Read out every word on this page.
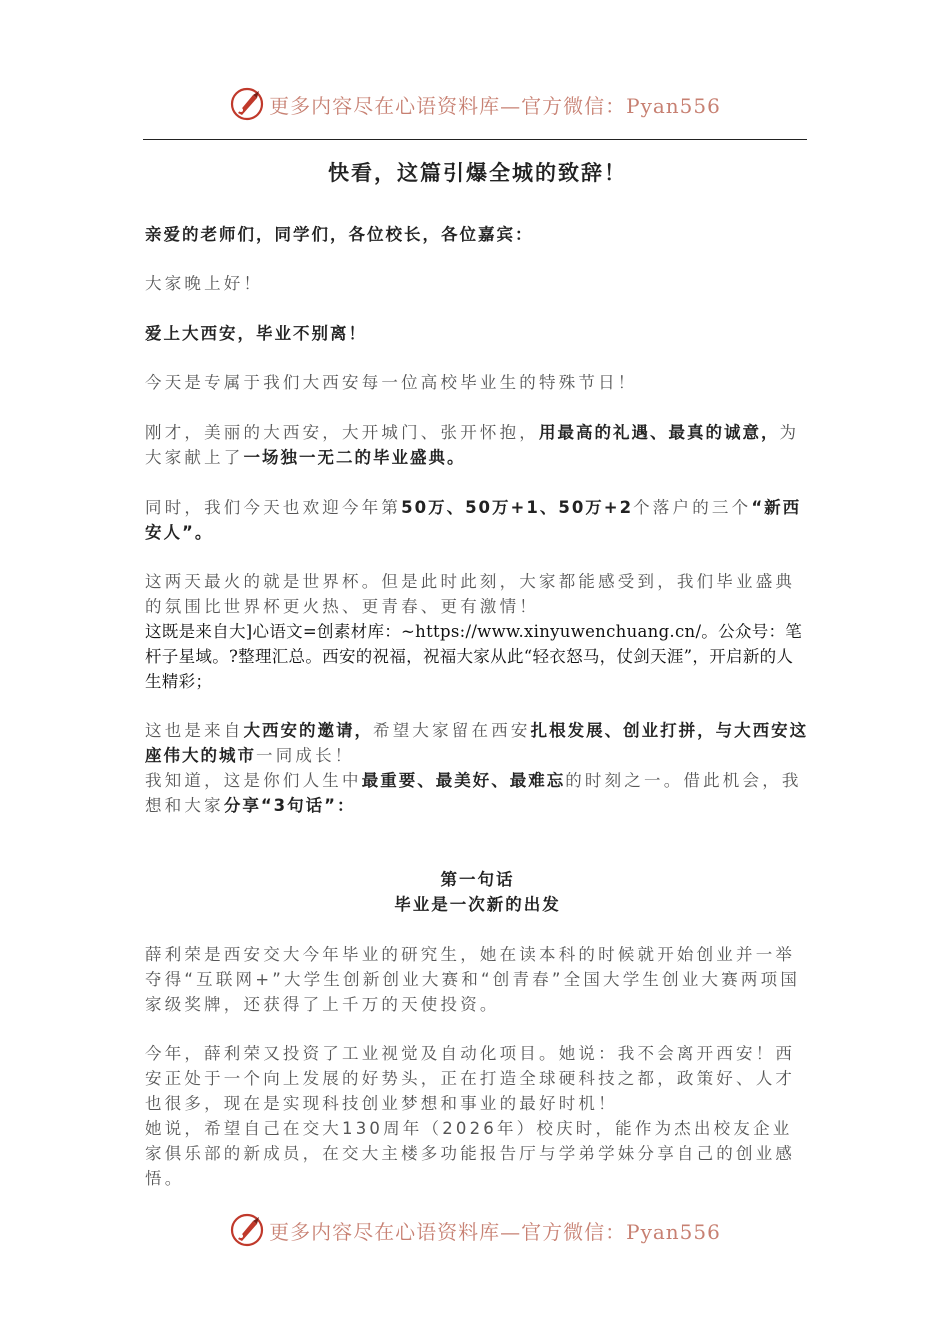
更多内容尽在心语资料库—官方微信：Pyan556
快看，这篇引爆全城的致辞！

亲爱的老师们，同学们，各位校长，各位嘉宾：

大家晚上好！

爱上大西安，毕业不别离！

今天是专属于我们大西安每一位高校毕业生的特殊节日！

刚才，美丽的大西安，大开城门、张开怀抱，用最高的礼遇、最真的诚意，为大家献上了一场独一无二的毕业盛典。

同时，我们今天也欢迎今年第50万、50万+1、50万+2个落户的三个“新西安人”。

这两天最火的就是世界杯。但是此时此刻，大家都能感受到，我们毕业盛典的氛围比世界杯更火热、更青春、更有激情！

这既是来自大]心语文=创素材库：~https://www.xinyuwenchuang.cn/。公众号：笔杆子星域。?整理汇总。西安的祝福，祝福大家从此“轻衣怒马，仗剑天涯”，开启新的人生精彩；

这也是来自大西安的邀请，希望大家留在西安扎根发展、创业打拼，与大西安这座伟大的城市一同成长！

我知道，这是你们人生中最重要、最美好、最难忘的时刻之一。借此机会，我想和大家分享“3句话”：

第一句话

毕业是一次新的出发

薛利荣是西安交大今年毕业的研究生，她在读本科的时候就开始创业并一举夺得“互联网+”大学生创新创业大赛和“创青春”全国大学生创业大赛两项国家级奖牌，还获得了上千万的天使投资。

今年，薛利荣又投资了工业视觉及自动化项目。她说：我不会离开西安！西安正处于一个向上发展的好势头，正在打造全球硬科技之都，政策好、人才也很多，现在是实现科技创业梦想和事业的最好时机！

她说，希望自己在交大130周年（2026年）校庆时，能作为杰出校友企业家俱乐部的新成员，在交大主楼多功能报告厅与学弟学妹分享自己的创业感悟。

更多内容尽在心语资料库—官方微信：Pyan556
